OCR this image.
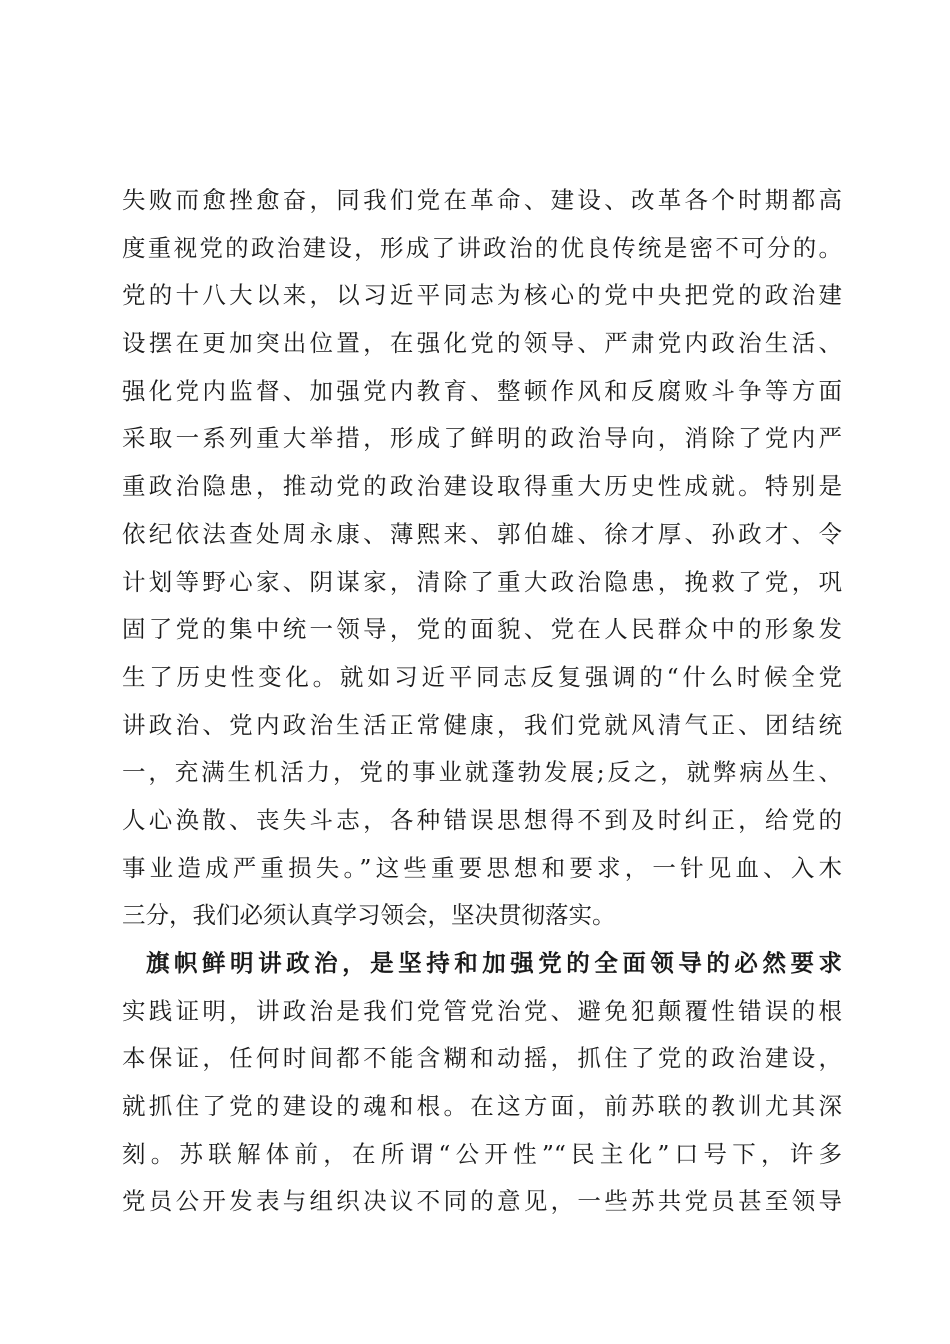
失败而愈挫愈奋，同我们党在革命、建设、改革各个时期都高
度重视党的政治建设，形成了讲政治的优良传统是密不可分的。
党的十八大以来，以习近平同志为核心的党中央把党的政治建
设摆在更加突出位置，在强化党的领导、严肃党内政治生活、
强化党内监督、加强党内教育、整顿作风和反腐败斗争等方面
采取一系列重大举措，形成了鲜明的政治导向，消除了党内严
重政治隐患，推动党的政治建设取得重大历史性成就。特别是
依纪依法查处周永康、薄熙来、郭伯雄、徐才厚、孙政才、令
计划等野心家、阴谋家，清除了重大政治隐患，挽救了党，巩
固了党的集中统一领导，党的面貌、党在人民群众中的形象发
生了历史性变化。就如习近平同志反复强调的“什么时候全党
讲政治、党内政治生活正常健康，我们党就风清气正、团结统
一，充满生机活力，党的事业就蓬勃发展;反之，就弊病丛生、
人心涣散、丧失斗志，各种错误思想得不到及时纠正，给党的
事业造成严重损失。”这些重要思想和要求，一针见血、入木
三分，我们必须认真学习领会，坚决贯彻落实。
旗帜鲜明讲政治，是坚持和加强党的全面领导的必然要求
实践证明，讲政治是我们党管党治党、避免犯颠覆性错误的根
本保证，任何时间都不能含糊和动摇，抓住了党的政治建设，
就抓住了党的建设的魂和根。在这方面，前苏联的教训尤其深
刻。苏联解体前，在所谓“公开性”“民主化”口号下，许多
党员公开发表与组织决议不同的意见，一些苏共党员甚至领导
